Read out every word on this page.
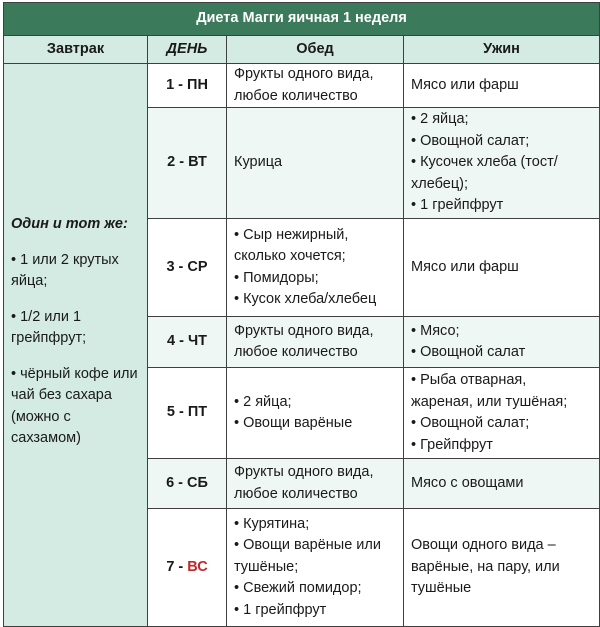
Диета Магги яичная 1 неделя			
Завтрак	ДЕНЬ	Обед	Ужин

Один и тот же:
• 1 или 2 крутых яйца;
• 1/2 или 1 грейпфрут;
• чёрный кофе или чай без сахара (можно с сахзамом)	1 - ПН	Фрукты одного вида,
любое количество	Мясо или фарш

	2 - ВТ	Курица	• 2 яйца;
• Овощной салат;
• Кусочек хлеба (тост/хлебец);
• 1 грейпфрут

	3 - СР	• Сыр нежирный, сколько хочется;
• Помидоры;
• Кусок хлеба/хлебец	Мясо или фарш

	4 - ЧТ	Фрукты одного вида,
любое количество	• Мясо;
• Овощной салат

	5 - ПТ	• 2 яйца;
• Овощи варёные	• Рыба отварная, жареная, или тушёная;
• Овощной салат;
• Грейпфрут

	6 - СБ	Фрукты одного вида,
любое количество	Мясо с овощами

	7 - ВС	• Курятина;
• Овощи варёные или тушёные;
• Свежий помидор;
• 1 грейпфрут	Овощи одного вида – варёные, на пару, или тушёные
